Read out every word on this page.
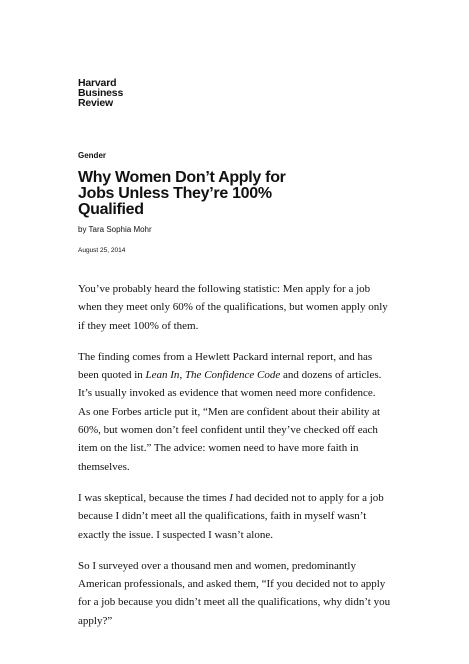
Harvard
Business
Review
Gender
Why Women Don’t Apply for Jobs Unless They’re 100% Qualified
by Tara Sophia Mohr
August 25, 2014

You’ve probably heard the following statistic: Men apply for a job
when they meet only 60% of the qualifications, but women apply only
if they meet 100% of them.

The finding comes from a Hewlett Packard internal report, and has
been quoted in Lean In, The Confidence Code and dozens of articles.
It’s usually invoked as evidence that women need more confidence.
As one Forbes article put it, “Men are confident about their ability at
60%, but women don’t feel confident until they’ve checked off each
item on the list.” The advice: women need to have more faith in
themselves.

I was skeptical, because the times I had decided not to apply for a job
because I didn’t meet all the qualifications, faith in myself wasn’t
exactly the issue. I suspected I wasn’t alone.

So I surveyed over a thousand men and women, predominantly
American professionals, and asked them, “If you decided not to apply
for a job because you didn’t meet all the qualifications, why didn’t you
apply?”
